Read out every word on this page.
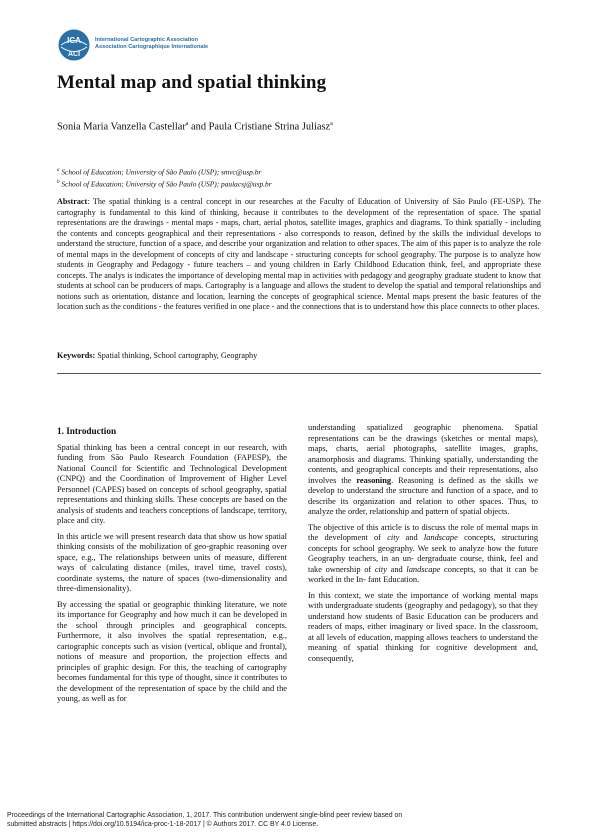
ICA
ACI
International Cartographic Association
Association Cartographique Internationale
Mental map and spatial thinking
Sonia Maria Vanzella Castellar$^a$ and Paula Cristiane Strina Juliasz$^a$
$^a$ School of Education; University of São Paulo (USP); smvc@usp.br
$^b$ School of Education; University of São Paulo (USP); paulacsj@usp.br
Abstract: The spatial thinking is a central concept in our researches at the Faculty of Education of University of São Paulo (FE-USP). The cartography is fundamental to this kind of thinking, because it contributes to the development of the representation of space. The spatial representations are the drawings - mental maps - maps, chart, aerial photos, satellite images, graphics and diagrams. To think spatially - including the contents and concepts geographical and their representations - also corresponds to reason, defined by the skills the individual develops to understand the structure, function of a space, and describe your organization and relation to other spaces. The aim of this paper is to analyze the role of mental maps in the development of concepts of city and landscape - structuring concepts for school geography. The purpose is to analyze how students in Geography and Pedagogy - future teachers – and young children in Early Childhood Education think, feel, and appropriate these concepts. The analys is indicates the importance of developing mental map in activities with pedagogy and geography graduate student to know that students at school can be producers of maps. Cartography is a language and allows the student to develop the spatial and temporal relationships and notions such as orientation, distance and location, learning the concepts of geographical science. Mental maps present the basic features of the location such as the conditions - the features verified in one place - and the connections that is to understand how this place connects to other places.
Keywords: Spatial thinking, School cartography, Geography
1. Introduction

Spatial thinking has been a central concept in our research, with funding from São Paulo Research Foundation (FAPESP), the National Council for Scientific and Technological Development (CNPQ) and the Coordination of Improvement of Higher Level Personnel (CAPES) based on concepts of school geography, spatial representations and thinking skills. These concepts are based on the analysis of students and teachers conceptions of landscape, territory, place and city.

In this article we will present research data that show us how spatial thinking consists of the mobilization of geo-graphic reasoning over space, e.g., The relationships between units of measure, different ways of calculating distance (miles, travel time, travel costs), coordinate systems, the nature of spaces (two-dimensionality and three-dimensionality).

By accessing the spatial or geographic thinking literature, we note its importance for Geography and how much it can be developed in the school through principles and geographical concepts. Furthermore, it also involves the spatial representation, e.g., cartographic concepts such as vision (vertical, oblique and frontal), notions of measure and proportion, the projection effects and principles of graphic design. For this, the teaching of cartography becomes fundamental for this type of thought, since it contributes to the development of the representation of space by the child and the young, as well as for

understanding spatialized geographic phenomena. Spatial representations can be the drawings (sketches or mental maps), maps, charts, aerial photographs, satellite images, graphs, anamorphosis and diagrams. Thinking spatially, understanding the contents, and geographical concepts and their representations, also involves the reasoning. Reasoning is defined as the skills we develop to understand the structure and function of a space, and to describe its organization and relation to other spaces. Thus, to analyze the order, relationship and pattern of spatial objects.

The objective of this article is to discuss the role of mental maps in the development of city and landscape concepts, structuring concepts for school geography. We seek to analyze how the future Geography teachers, in an un- dergraduate course, think, feel and take ownership of city and landscape concepts, so that it can be worked in the In- fant Education.

In this context, we state the importance of working mental maps with undergraduate students (geography and pedagogy), so that they understand how students of Basic Education can be producers and readers of maps, either imaginary or lived space. In the classroom, at all levels of education, mapping allows teachers to understand the meaning of spatial thinking for cognitive development and, consequently,

Proceedings of the International Cartographic Association, 1, 2017. This contribution underwent single-blind peer review based on
submitted abstracts | https://doi.org/10.5194/ica-proc-1-18-2017 | © Authors 2017. CC BY 4.0 License.
